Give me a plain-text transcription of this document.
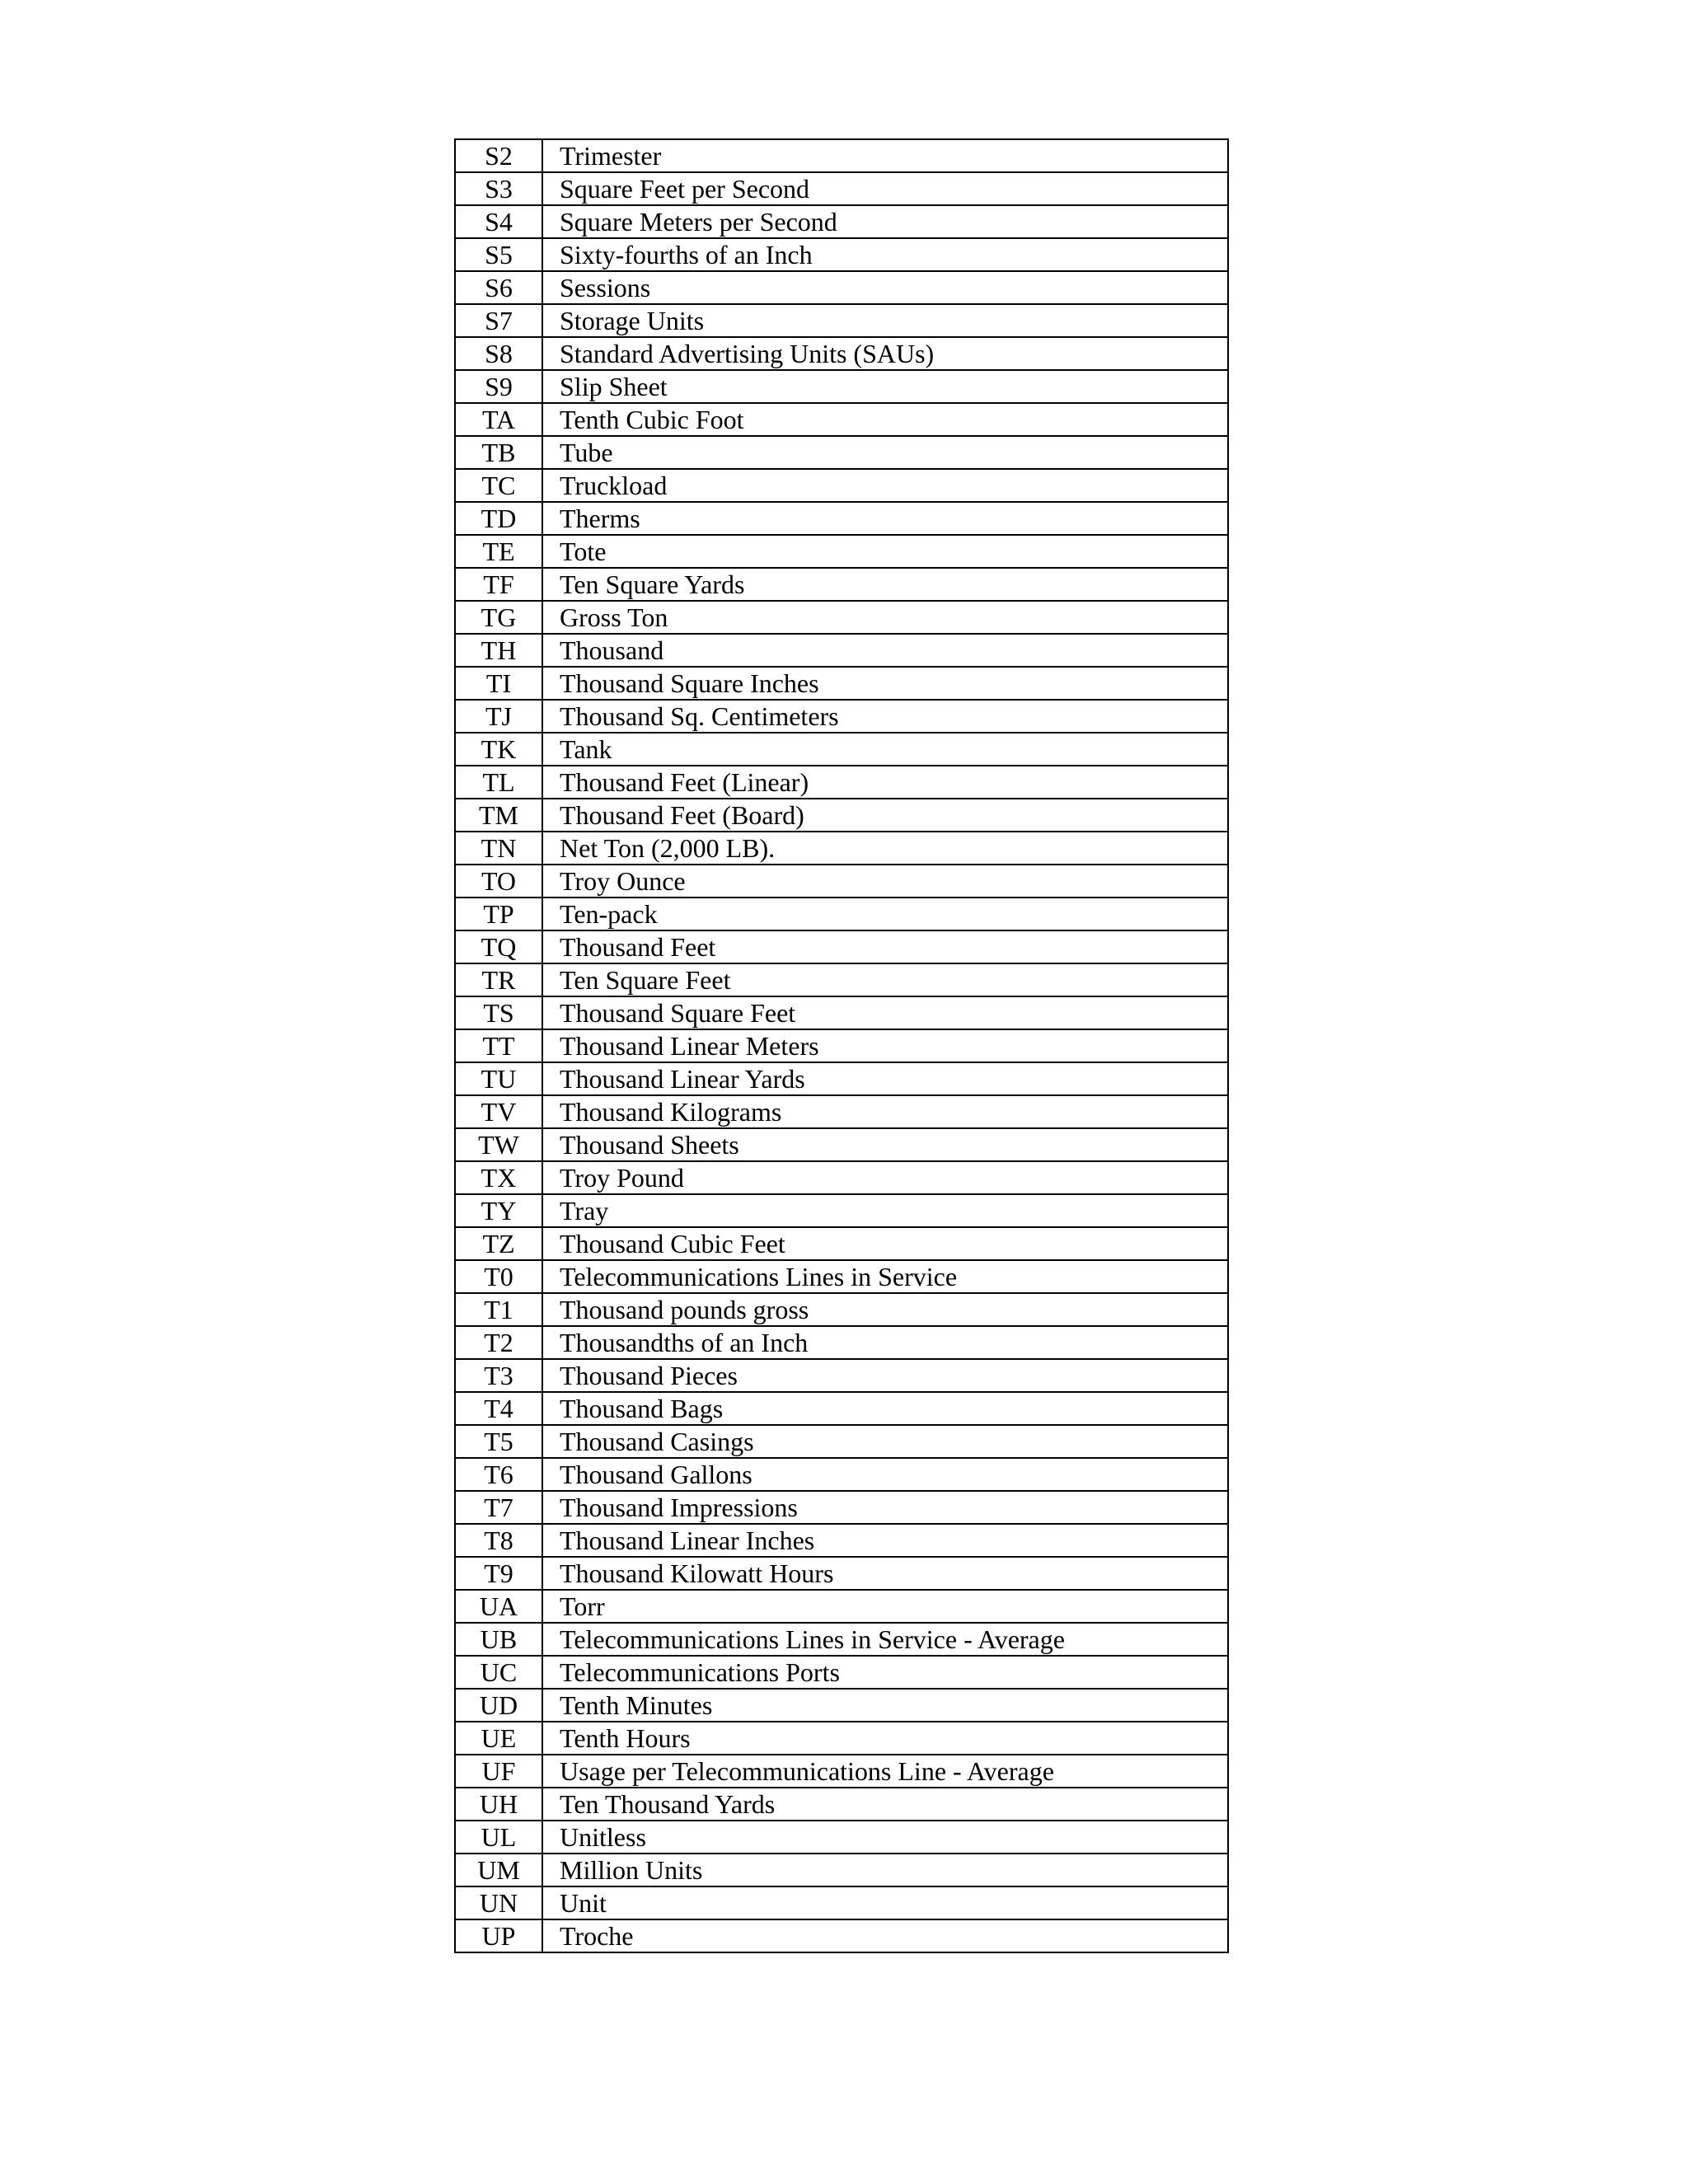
S2	Trimester
S3	Square Feet per Second
S4	Square Meters per Second
S5	Sixty-fourths of an Inch
S6	Sessions
S7	Storage Units
S8	Standard Advertising Units (SAUs)
S9	Slip Sheet
TA	Tenth Cubic Foot
TB	Tube
TC	Truckload
TD	Therms
TE	Tote
TF	Ten Square Yards
TG	Gross Ton
TH	Thousand
TI	Thousand Square Inches
TJ	Thousand Sq. Centimeters
TK	Tank
TL	Thousand Feet (Linear)
TM	Thousand Feet (Board)
TN	Net Ton (2,000 LB).
TO	Troy Ounce
TP	Ten-pack
TQ	Thousand Feet
TR	Ten Square Feet
TS	Thousand Square Feet
TT	Thousand Linear Meters
TU	Thousand Linear Yards
TV	Thousand Kilograms
TW	Thousand Sheets
TX	Troy Pound
TY	Tray
TZ	Thousand Cubic Feet
T0	Telecommunications Lines in Service
T1	Thousand pounds gross
T2	Thousandths of an Inch
T3	Thousand Pieces
T4	Thousand Bags
T5	Thousand Casings
T6	Thousand Gallons
T7	Thousand Impressions
T8	Thousand Linear Inches
T9	Thousand Kilowatt Hours
UA	Torr
UB	Telecommunications Lines in Service - Average
UC	Telecommunications Ports
UD	Tenth Minutes
UE	Tenth Hours
UF	Usage per Telecommunications Line - Average
UH	Ten Thousand Yards
UL	Unitless
UM	Million Units
UN	Unit
UP	Troche
